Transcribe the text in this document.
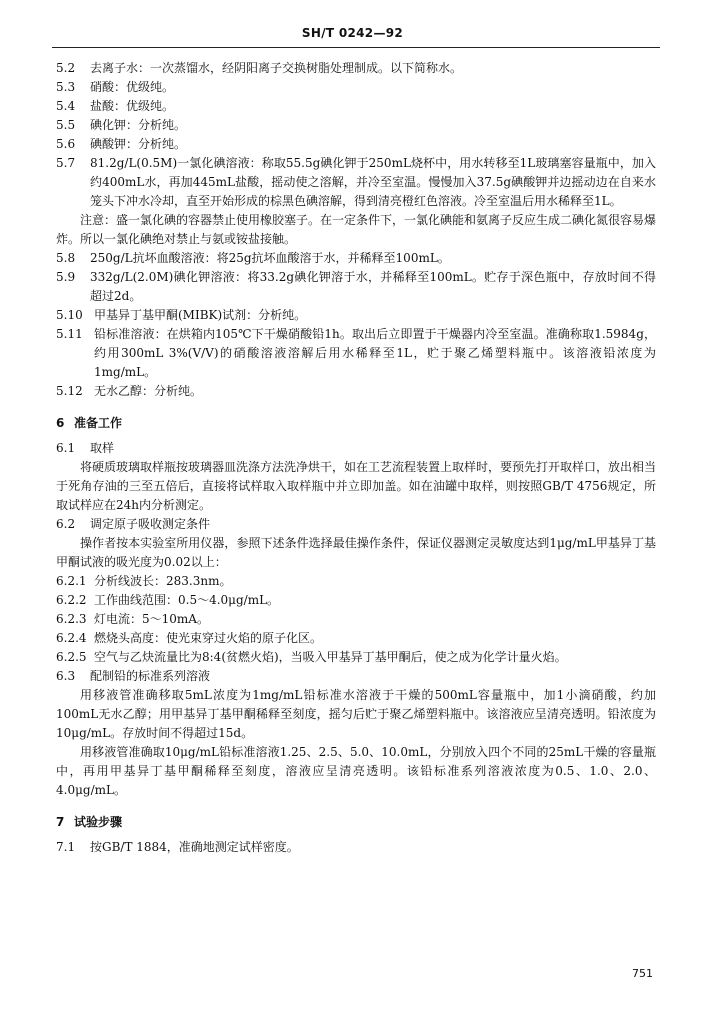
SH/T 0242—92
5.2	去离子水：一次蒸馏水，经阴阳离子交换树脂处理制成。以下简称水。
5.3	硝酸：优级纯。
5.4	盐酸：优级纯。
5.5	碘化钾：分析纯。
5.6	碘酸钾：分析纯。
5.7	81.2g/L(0.5M)一氯化碘溶液：称取55.5g碘化钾于250mL烧杯中，用水转移至1L玻璃塞容量瓶中，加入约400mL水，再加445mL盐酸，摇动使之溶解，并冷至室温。慢慢加入37.5g碘酸钾并边摇动边在自来水笼头下冲水冷却，直至开始形成的棕黑色碘溶解，得到清亮橙红色溶液。冷至室温后用水稀释至1L。

注意：盛一氯化碘的容器禁止使用橡胶塞子。在一定条件下，一氯化碘能和氨离子反应生成二碘化氮很容易爆炸。所以一氯化碘绝对禁止与氨或铵盐接触。

5.8	250g/L抗坏血酸溶液：将25g抗坏血酸溶于水，并稀释至100mL。
5.9	332g/L(2.0M)碘化钾溶液：将33.2g碘化钾溶于水，并稀释至100mL。贮存于深色瓶中，存放时间不得超过2d。
5.10 甲基异丁基甲酮(MIBK)试剂：分析纯。
5.11 铅标准溶液：在烘箱内105℃下干燥硝酸铅1h。取出后立即置于干燥器内冷至室温。准确称取1.5984g，约用300mL 3%(V/V)的硝酸溶液溶解后用水稀释至1L，贮于聚乙烯塑料瓶中。该溶液铅浓度为1mg/mL。
5.12 无水乙醇：分析纯。
6 准备工作
6.1	取样

将硬质玻璃取样瓶按玻璃器皿洗涤方法洗净烘干，如在工艺流程装置上取样时，要预先打开取样口，放出相当于死角存油的三至五倍后，直接将试样取入取样瓶中并立即加盖。如在油罐中取样，则按照GB/T 4756规定，所取试样应在24h内分析测定。

6.2	调定原子吸收测定条件

操作者按本实验室所用仪器，参照下述条件选择最佳操作条件，保证仪器测定灵敏度达到1μg/mL甲基异丁基甲酮试液的吸光度为0.02以上：

6.2.1 分析线波长：283.3nm。
6.2.2 工作曲线范围：0.5～4.0μg/mL。
6.2.3 灯电流：5～10mA。
6.2.4 燃烧头高度：使光束穿过火焰的原子化区。
6.2.5 空气与乙炔流量比为8:4(贫燃火焰)，当吸入甲基异丁基甲酮后，使之成为化学计量火焰。
6.3	配制铅的标准系列溶液

用移液管准确移取5mL浓度为1mg/mL铅标准水溶液于干燥的500mL容量瓶中，加1小滴硝酸，约加100mL无水乙醇；用甲基异丁基甲酮稀释至刻度，摇匀后贮于聚乙烯塑料瓶中。该溶液应呈清亮透明。铅浓度为10μg/mL。存放时间不得超过15d。

用移液管准确取10μg/mL铅标准溶液1.25、2.5、5.0、10.0mL，分别放入四个不同的25mL干燥的容量瓶中，再用甲基异丁基甲酮稀释至刻度，溶液应呈清亮透明。该铅标准系列溶液浓度为0.5、1.0、2.0、4.0μg/mL。

7 试验步骤
7.1	按GB/T 1884，准确地测定试样密度。
751
